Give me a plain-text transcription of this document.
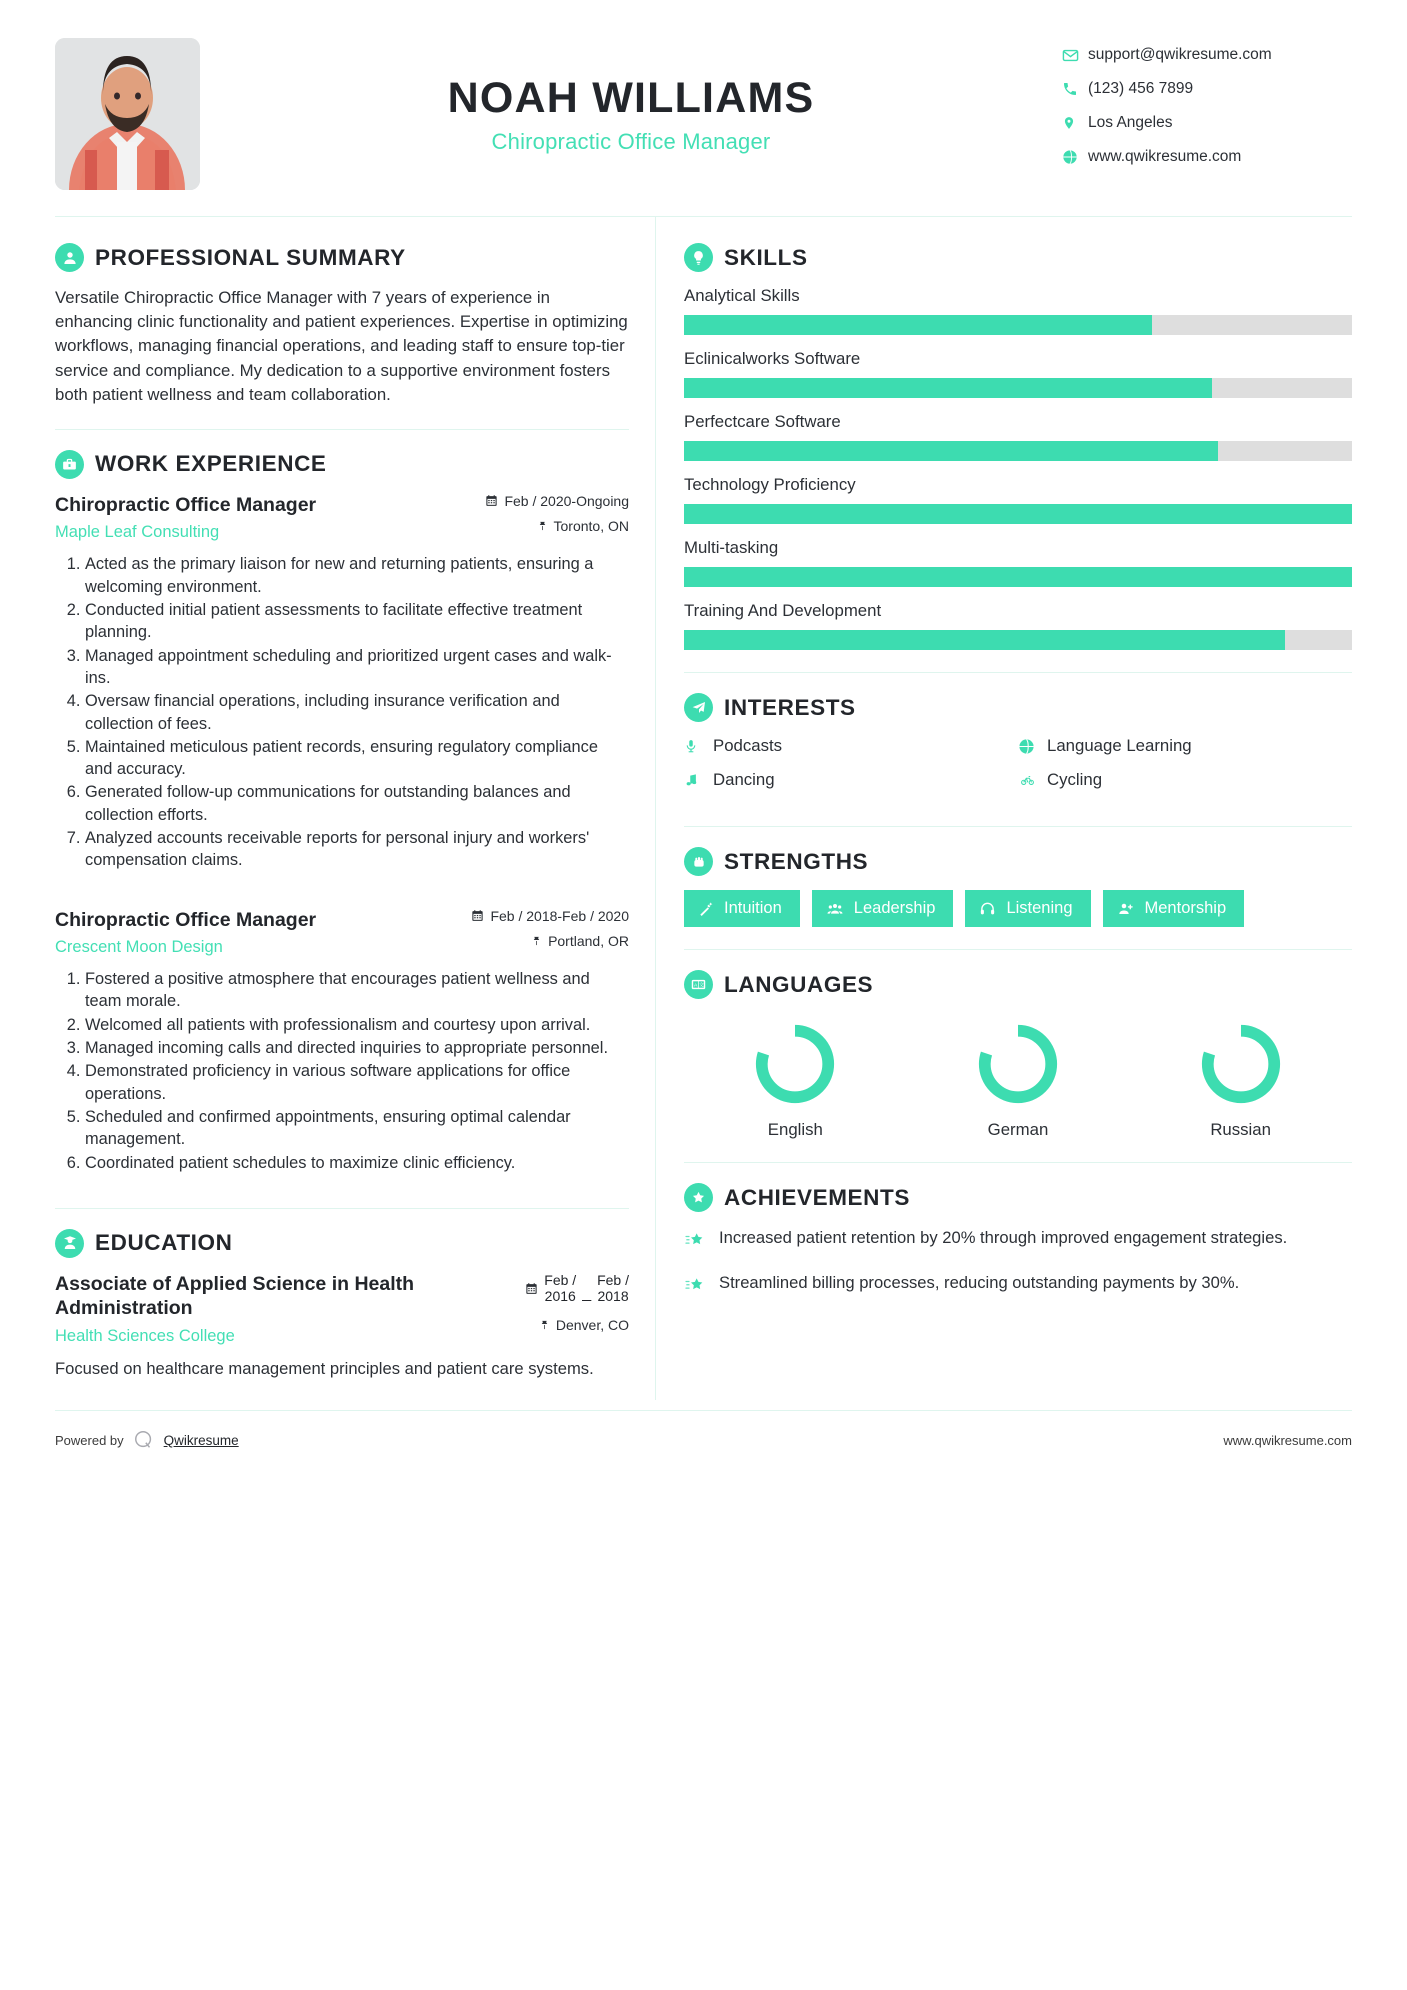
NOAH WILLIAMS
Chiropractic Office Manager
support@qwikresume.com
(123) 456 7899
Los Angeles
www.qwikresume.com
PROFESSIONAL SUMMARY
Versatile Chiropractic Office Manager with 7 years of experience in enhancing clinic functionality and patient experiences. Expertise in optimizing workflows, managing financial operations, and leading staff to ensure top-tier service and compliance. My dedication to a supportive environment fosters both patient wellness and team collaboration.
WORK EXPERIENCE
Chiropractic Office Manager
Maple Leaf Consulting
Feb / 2020-Ongoing
Toronto, ON
1. Acted as the primary liaison for new and returning patients, ensuring a welcoming environment.
2. Conducted initial patient assessments to facilitate effective treatment planning.
3. Managed appointment scheduling and prioritized urgent cases and walk-ins.
4. Oversaw financial operations, including insurance verification and collection of fees.
5. Maintained meticulous patient records, ensuring regulatory compliance and accuracy.
6. Generated follow-up communications for outstanding balances and collection efforts.
7. Analyzed accounts receivable reports for personal injury and workers' compensation claims.
Chiropractic Office Manager
Crescent Moon Design
Feb / 2018-Feb / 2020
Portland, OR
1. Fostered a positive atmosphere that encourages patient wellness and team morale.
2. Welcomed all patients with professionalism and courtesy upon arrival.
3. Managed incoming calls and directed inquiries to appropriate personnel.
4. Demonstrated proficiency in various software applications for office operations.
5. Scheduled and confirmed appointments, ensuring optimal calendar management.
6. Coordinated patient schedules to maximize clinic efficiency.
EDUCATION
Associate of Applied Science in Health Administration
Health Sciences College
Feb /
2016 _
Feb /
2018
Denver, CO
Focused on healthcare management principles and patient care systems.
SKILLS
Analytical Skills
Eclinicalworks Software
Perfectcare Software
Technology Proficiency
Multi-tasking
Training And Development
INTERESTS
Podcasts	Language Learning
Dancing	Cycling
STRENGTHS
Intuition	Leadership	Listening	Mentorship
A 文 LANGUAGES
English	German	Russian
ACHIEVEMENTS
Increased patient retention by 20% through improved engagement strategies.
Streamlined billing processes, reducing outstanding payments by 30%.
Powered by	Qwikresume	www.qwikresume.com
